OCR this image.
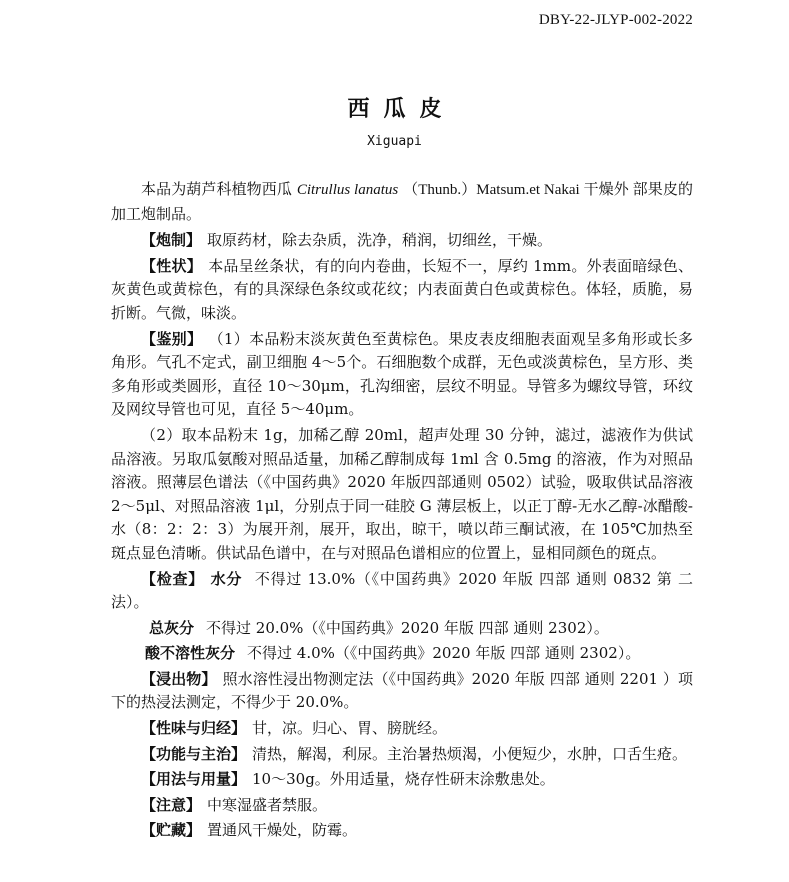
DBY-22-JLYP-002-2022
西瓜皮
Xiguapi

本品为葫芦科植物西瓜 Citrullus lanatus （Thunb.）Matsum.et Nakai 干燥外 部果皮的加工炮制品。

【炮制】 取原药材，除去杂质，洗净，稍润，切细丝，干燥。

【性状】 本品呈丝条状，有的向内卷曲，长短不一，厚约 1mm。外表面暗绿色、灰黄色或黄棕色，有的具深绿色条纹或花纹；内表面黄白色或黄棕色。体轻，质脆，易折断。气微，味淡。

【鉴别】 （1）本品粉末淡灰黄色至黄棕色。果皮表皮细胞表面观呈多角形或长多角形。气孔不定式，副卫细胞 4～5个。石细胞数个成群，无色或淡黄棕色，呈方形、类多角形或类圆形，直径 10～30μm，孔沟细密，层纹不明显。导管多为螺纹导管，环纹及网纹导管也可见，直径 5～40μm。

（2）取本品粉末 1g，加稀乙醇 20ml，超声处理 30 分钟，滤过，滤液作为供试品溶液。另取瓜氨酸对照品适量，加稀乙醇制成每 1ml 含 0.5mg 的溶液，作为对照品溶液。照薄层色谱法（《中国药典》2020 年版四部通则 0502）试验，吸取供试品溶液 2～5μl、对照品溶液 1μl，分别点于同一硅胶 G 薄层板上，以正丁醇-无水乙醇-冰醋酸-水（8：2：2：3）为展开剂，展开，取出，晾干，喷以茚三酮试液，在 105℃加热至斑点显色清晰。供试品色谱中，在与对照品色谱相应的位置上，显相同颜色的斑点。

【检查】 水分 不得过 13.0%（《中国药典》2020 年版 四部 通则 0832 第 二法）。

总灰分 不得过 20.0%（《中国药典》2020 年版 四部 通则 2302）。

酸不溶性灰分 不得过 4.0%（《中国药典》2020 年版 四部 通则 2302）。

【浸出物】 照水溶性浸出物测定法（《中国药典》2020 年版 四部 通则 2201 ）项下的热浸法测定，不得少于 20.0%。

【性味与归经】 甘，凉。归心、胃、膀胱经。

【功能与主治】 清热，解渴，利尿。主治暑热烦渴，小便短少，水肿，口舌生疮。

【用法与用量】 10～30g。外用适量，烧存性研末涂敷患处。

【注意】 中寒湿盛者禁服。

【贮藏】 置通风干燥处，防霉。
